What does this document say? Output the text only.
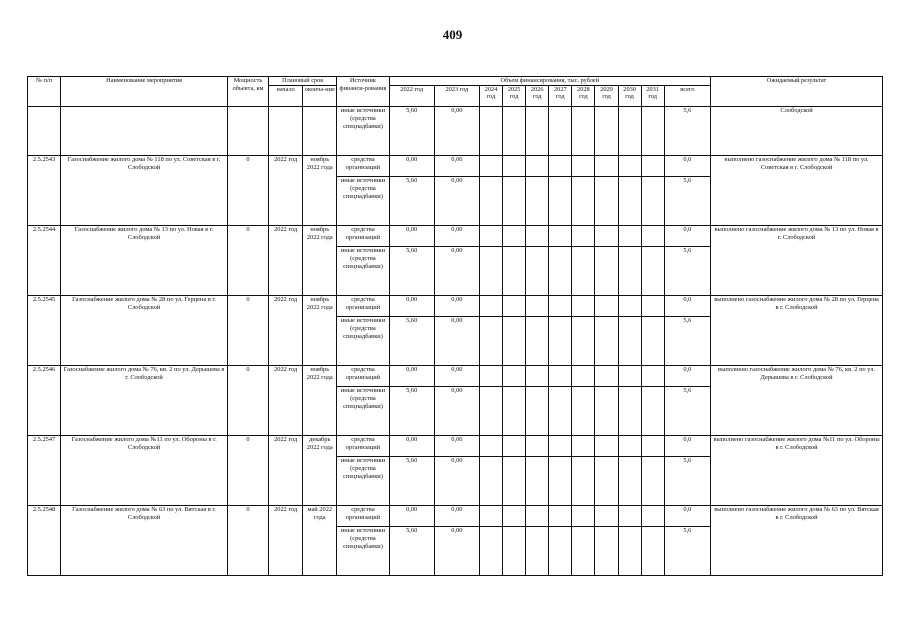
409
№ п/п	Наименование мероприятия	Мощность объекта, км	Плановый срок		Источник финанси-рования	Объем финансирования, тыс. рублей											Ожидаемый результат
			начало	оконча-ние		2022 год	2023 год	2024 год	2025 год	2026 год	2027 год	2028 год	2029 год	2030 год	2031 год	всего	
					иные источники (средства спецнадбавки)	5,60	0,00									5,6	Слободской
2.5.2543	Газоснабжение жилого дома № 118 по ул. Советская в г. Слободской	0	2022 год	ноябрь 2022 года	средства организаций	0,00	0,00									0,0	выполнено газоснабжение жилого дома № 118 по ул. Советская в г. Слободской
					иные источники (средства спецнадбавки)	5,60	0,00									5,6	
2.5.2544	Газоснабжение жилого дома № 13 по ул. Новая в г. Слободской	0	2022 год	ноябрь 2022 года	средства организаций	0,00	0,00									0,0	выполнено газоснабжение жилого дома № 13 по ул. Новая в г. Слободской
					иные источники (средства спецнадбавки)	5,60	0,00									5,6	
2.5.2545	Газоснабжение жилого дома № 28 по ул. Герцена в г. Слободской	0	2022 год	ноябрь 2022 года	средства организаций	0,00	0,00									0,0	выполнено газоснабжение жилого дома № 28 по ул. Герцена в г. Слободской
					иные источники (средства спецнадбавки)	5,60	0,00									5,6	
2.5.2546	Газоснабжение жилого дома № 76, кв. 2 по ул. Дерышева в г. Слободской	0	2022 год	ноябрь 2022 года	средства организаций	0,00	0,00									0,0	выполнено газоснабжение жилого дома № 76, кв. 2 по ул. Дерышева в г. Слободской
					иные источники (средства спецнадбавки)	5,60	0,00									5,6	
2.5.2547	Газоснабжение жилого дома №11 по ул. Обороны в г. Слободской	0	2022 год	декабрь 2022 года	средства организаций	0,00	0,00									0,0	выполнено газоснабжение жилого дома №11 по ул. Обороны в г. Слободской
					иные источники (средства спецнадбавки)	5,60	0,00									5,6	
2.5.2548	Газоснабжение жилого дома № 63 по ул. Вятская в г. Слободской	0	2022 год	май 2022 года	средства организаций	0,00	0,00									0,0	выполнено газоснабжение жилого дома № 63 по ул. Вятская в г. Слободской
					иные источники (средства спецнадбавки)	5,60	0,00									5,6	
